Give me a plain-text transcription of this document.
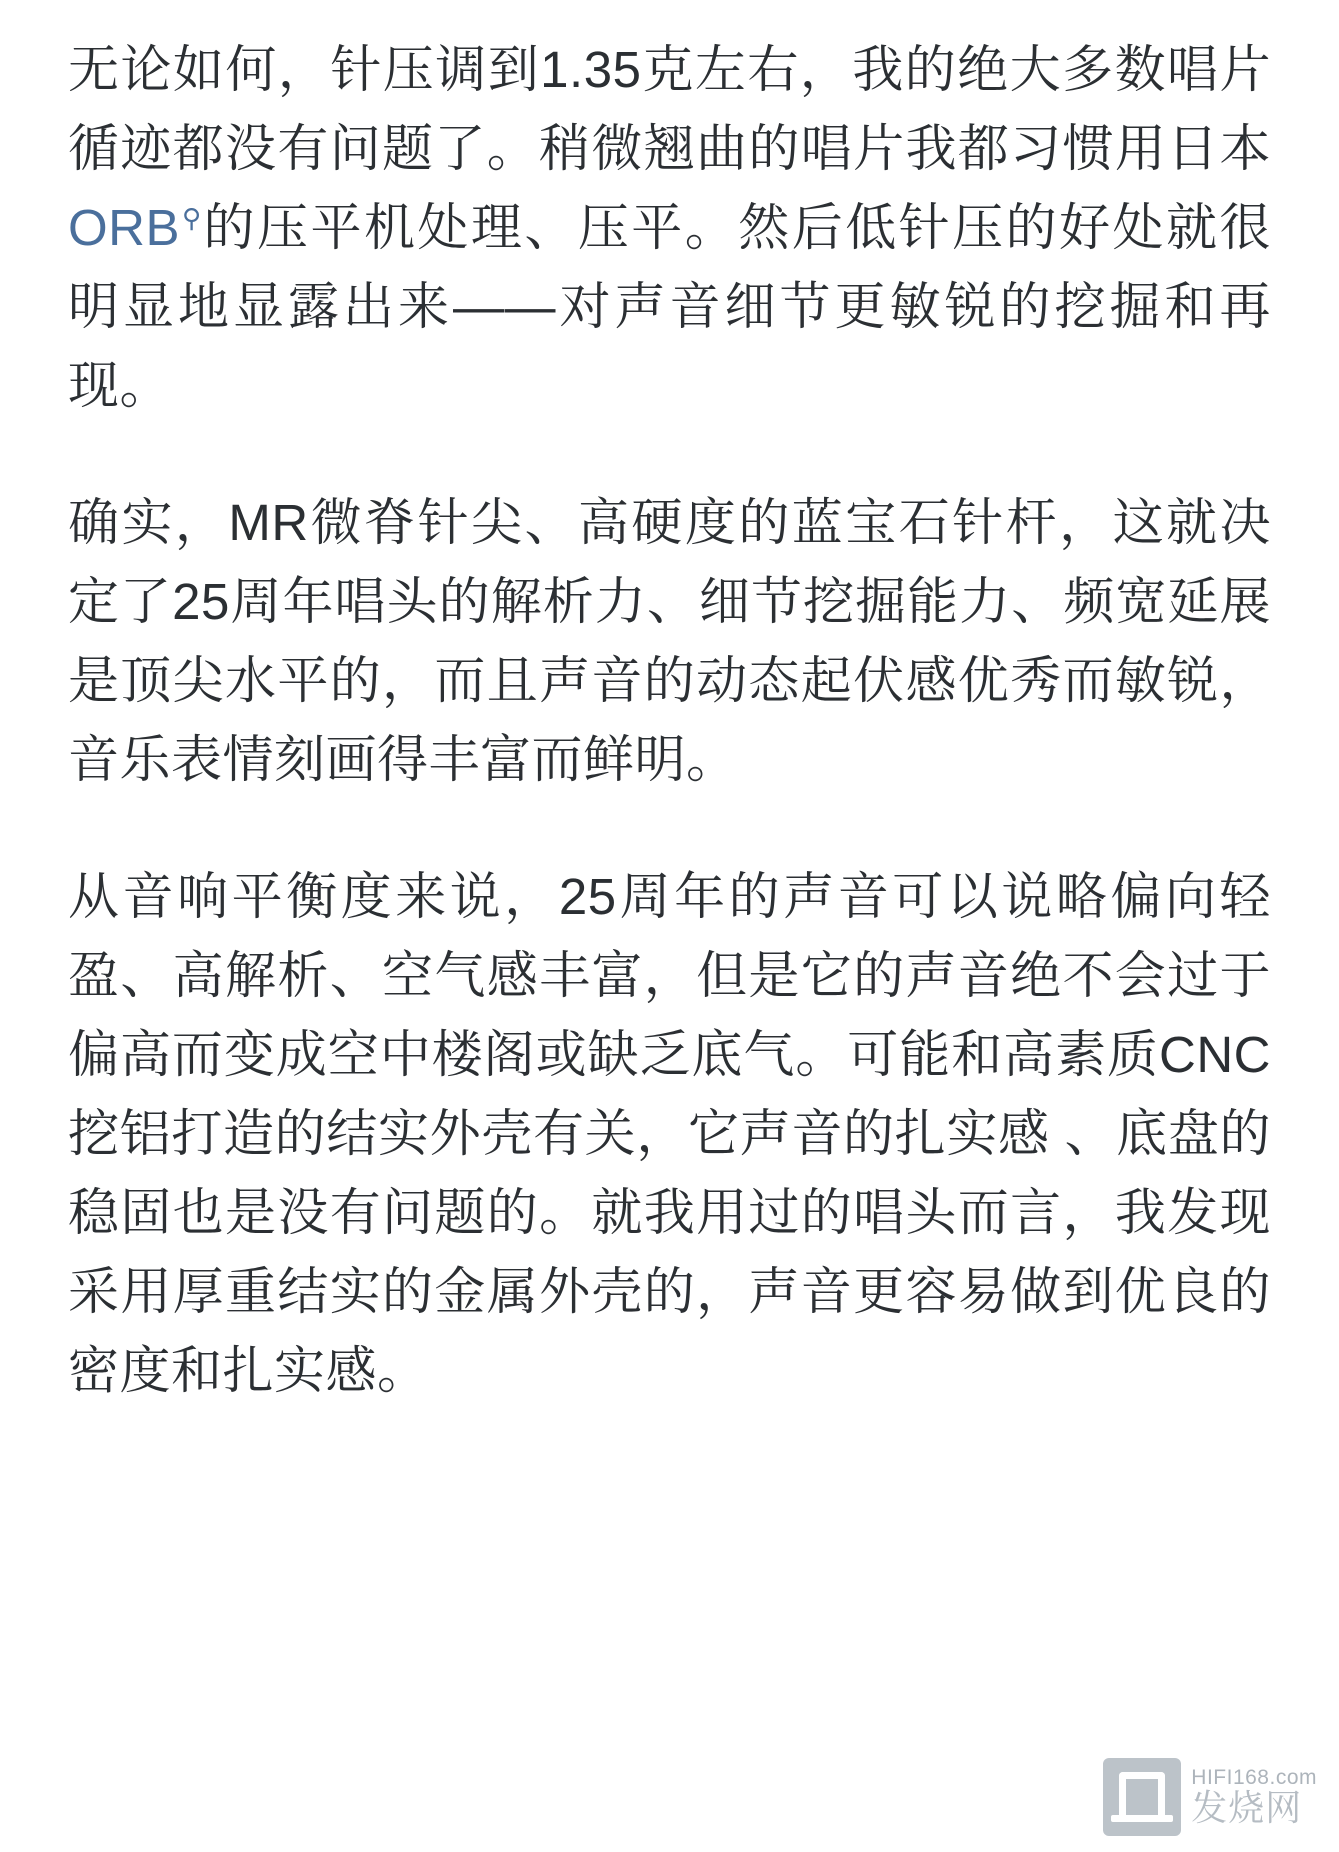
无论如何，针压调到1.35克左右，我的绝大多数唱片循迹都没有问题了。稍微翘曲的唱片我都习惯用日本ORB⚲的压平机处理、压平。然后低针压的好处就很明显地显露出来——对声音细节更敏锐的挖掘和再现。

确实，MR微脊针尖、高硬度的蓝宝石针杆，这就决定了25周年唱头的解析力、细节挖掘能力、频宽延展是顶尖水平的，而且声音的动态起伏感优秀而敏锐，音乐表情刻画得丰富而鲜明。

从音响平衡度来说，25周年的声音可以说略偏向轻盈、高解析、空气感丰富，但是它的声音绝不会过于偏高而变成空中楼阁或缺乏底气。可能和高素质CNC挖铝打造的结实外壳有关，它声音的扎实感 、底盘的稳固也是没有问题的。就我用过的唱头而言，我发现采用厚重结实的金属外壳的，声音更容易做到优良的密度和扎实感。

HIFI168.com
发烧网
